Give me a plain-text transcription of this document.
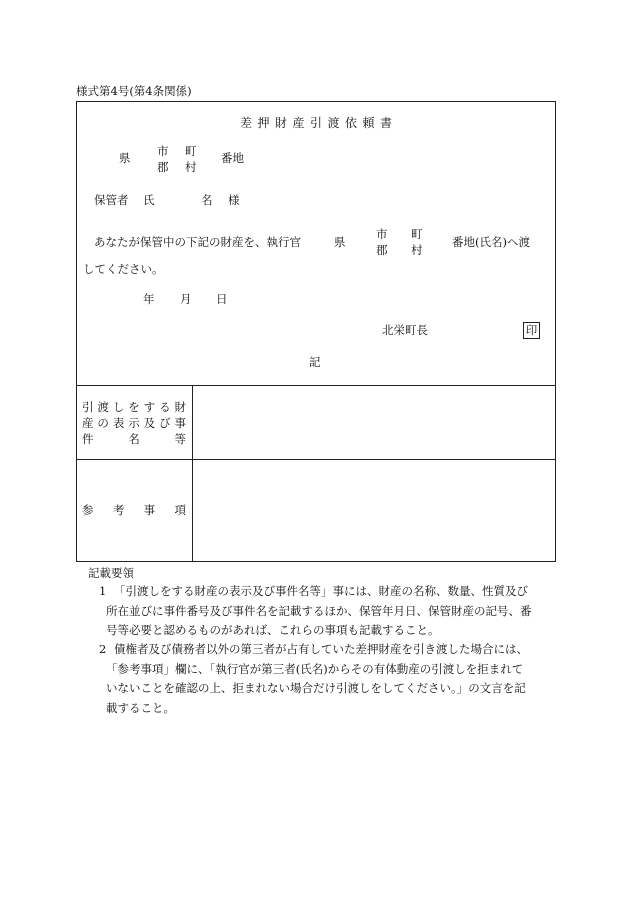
様式第4号(第4条関係)
差押財産引渡依頼書
県 市
郡
町
村
番地
保管者 氏	名 様
あなたが保管中の下記の財産を、執行官	県
市
郡
町
村
番地(氏名)へ渡
してください。
年 月 日
北栄町長	印
記
引渡しをする財
産の表示及び事
件名等
参考事項
記載要領
1 「引渡しをする財産の表示及び事件名等」事には、財産の名称、数量、性質及び
所在並びに事件番号及び事件名を記載するほか、保管年月日、保管財産の記号、番
号等必要と認めるものがあれば、これらの事項も記載すること。
2 債権者及び債務者以外の第三者が占有していた差押財産を引き渡した場合には、
「参考事項」欄に、「執行官が第三者(氏名)からその有体動産の引渡しを拒まれて
いないことを確認の上、拒まれない場合だけ引渡しをしてください。」の文言を記
載すること。
